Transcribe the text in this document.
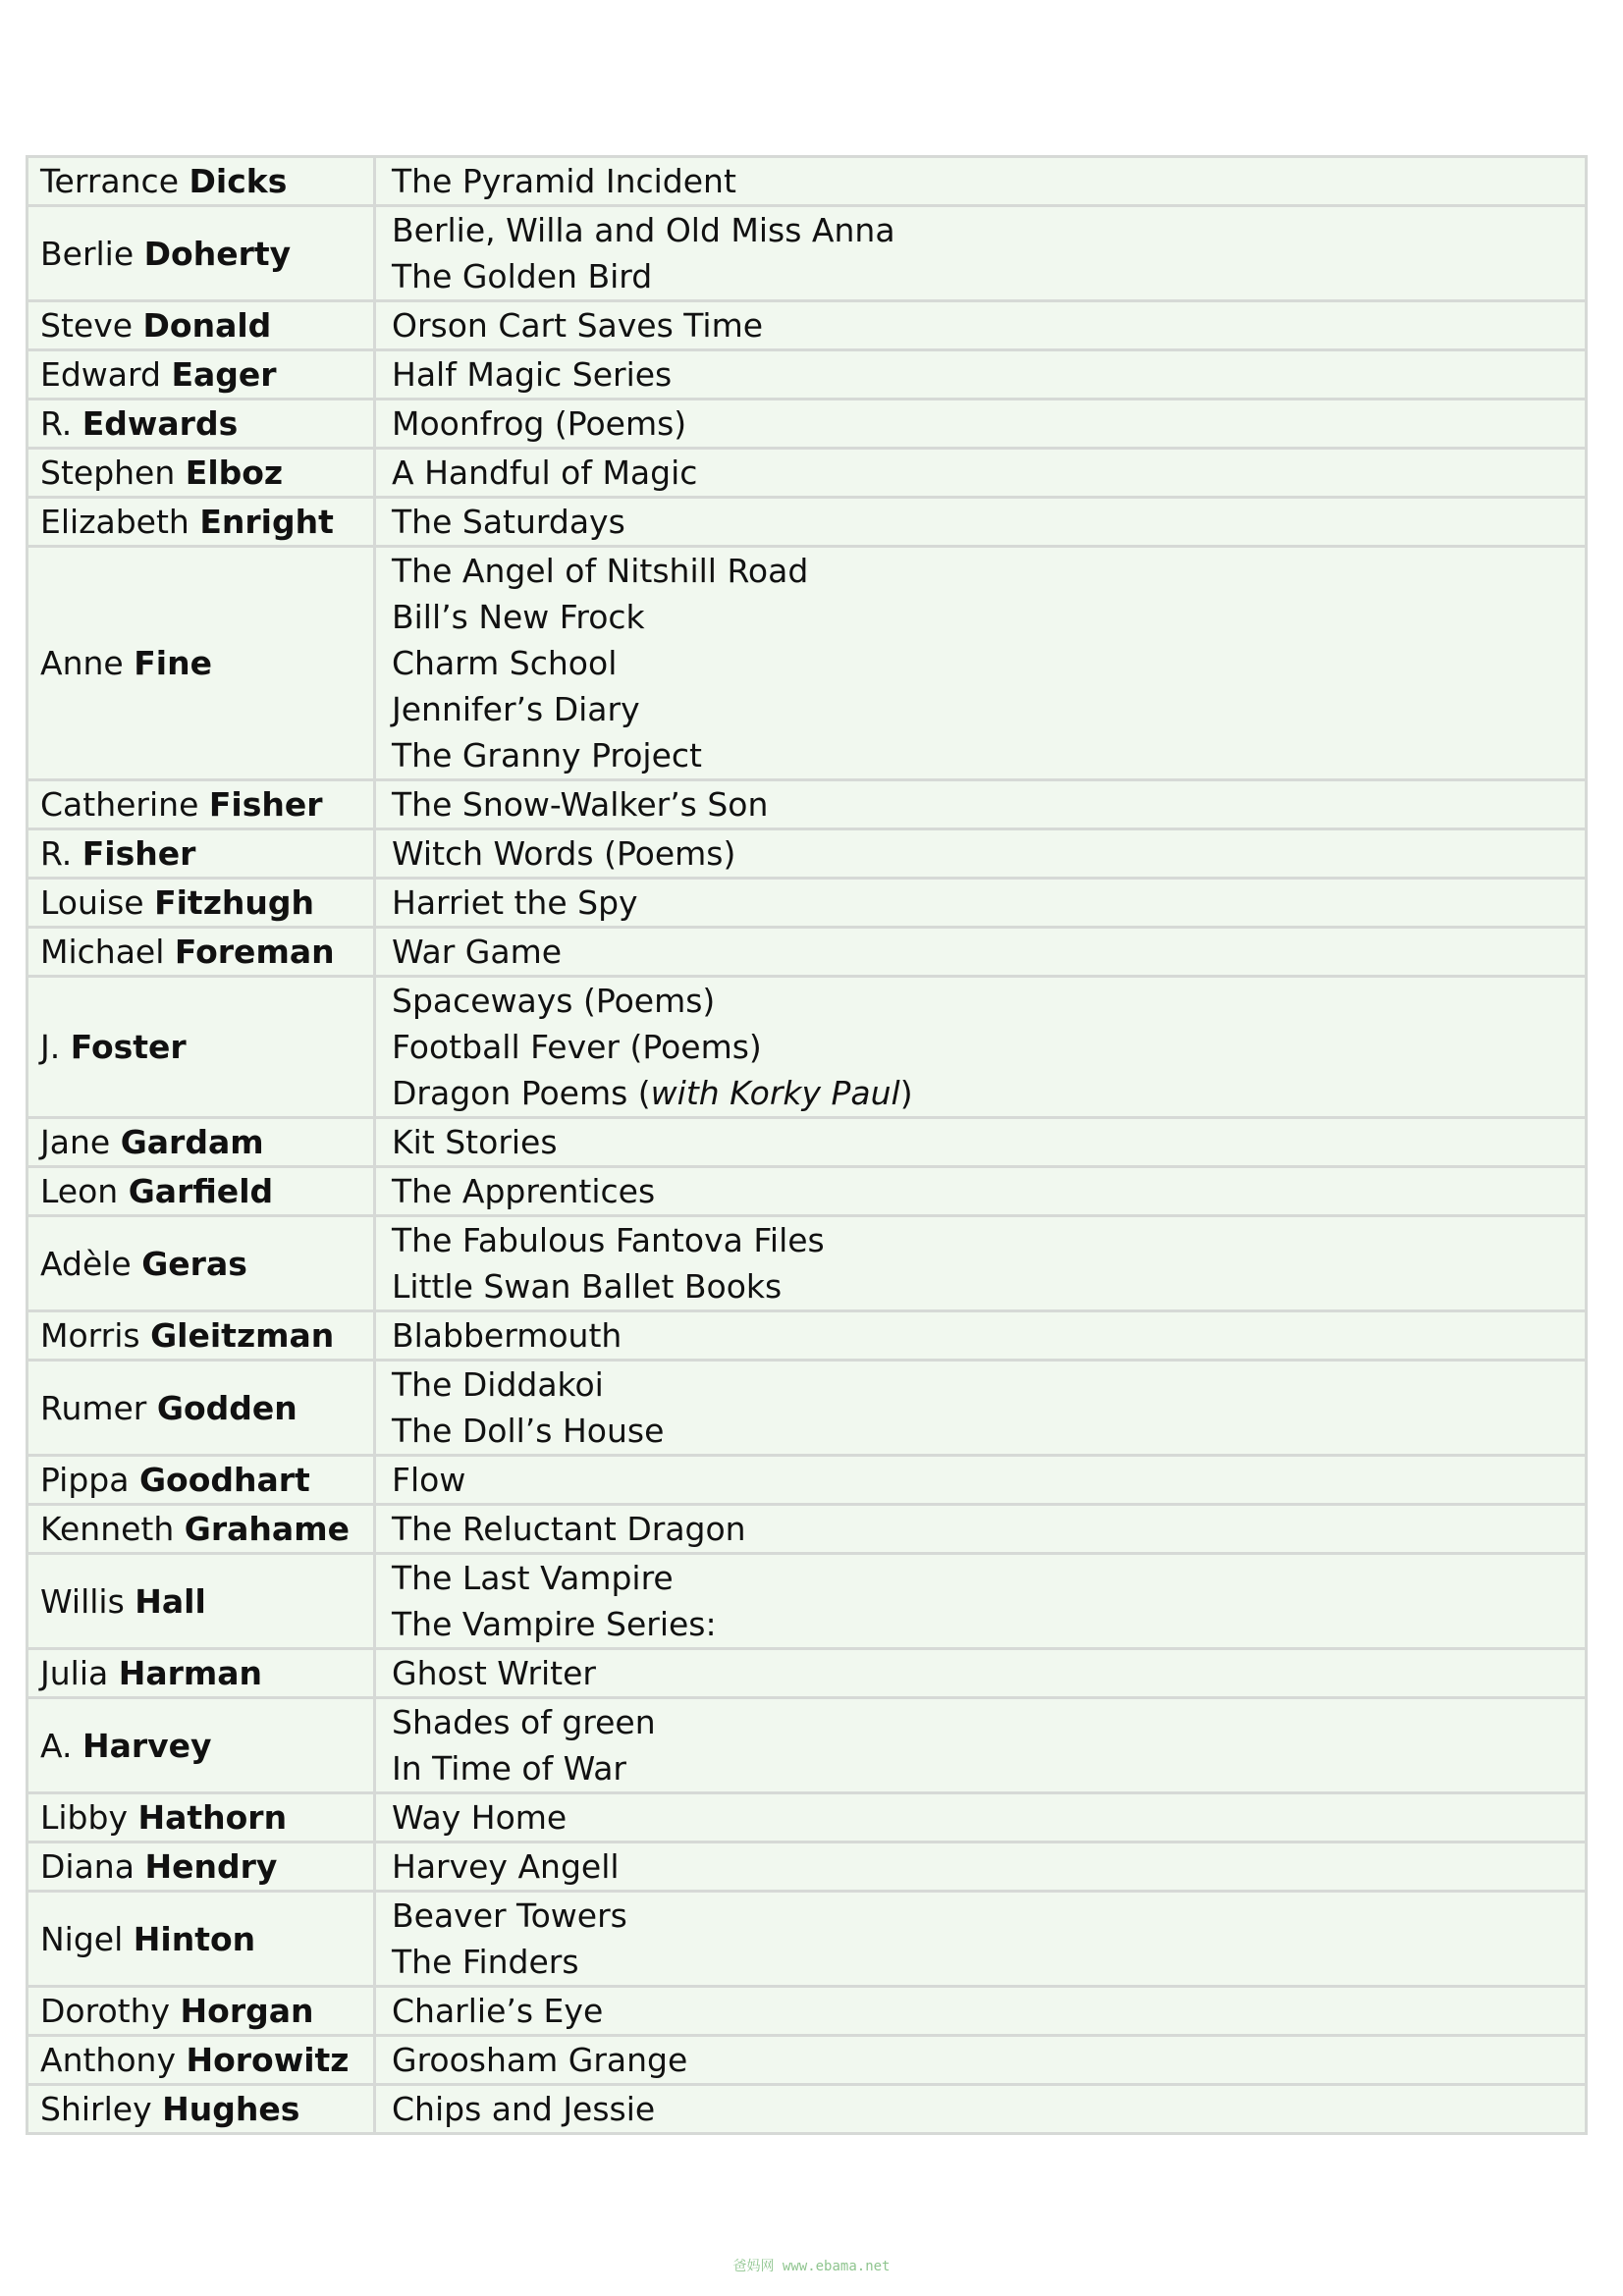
Terrance Dicks	The Pyramid Incident

Berlie Doherty	Berlie, Willa and Old Miss Anna
The Golden Bird

Steve Donald	Orson Cart Saves Time

Edward Eager	Half Magic Series

R. Edwards	Moonfrog (Poems)

Stephen Elboz	A Handful of Magic

Elizabeth Enright	The Saturdays

Anne Fine	The Angel of Nitshill Road
Bill’s New Frock
Charm School
Jennifer’s Diary
The Granny Project

Catherine Fisher	The Snow-Walker’s Son

R. Fisher	Witch Words (Poems)

Louise Fitzhugh	Harriet the Spy

Michael Foreman	War Game

J. Foster	Spaceways (Poems)
Football Fever (Poems)
Dragon Poems (with Korky Paul)

Jane Gardam	Kit Stories

Leon Garfield	The Apprentices

Adèle Geras	The Fabulous Fantova Files
Little Swan Ballet Books

Morris Gleitzman	Blabbermouth

Rumer Godden	The Diddakoi
The Doll’s House

Pippa Goodhart	Flow

Kenneth Grahame	The Reluctant Dragon

Willis Hall	The Last Vampire
The Vampire Series:

Julia Harman	Ghost Writer

A. Harvey	Shades of green
In Time of War

Libby Hathorn	Way Home

Diana Hendry	Harvey Angell

Nigel Hinton	Beaver Towers
The Finders

Dorothy Horgan	Charlie’s Eye

Anthony Horowitz	Groosham Grange

Shirley Hughes	Chips and Jessie
爸妈网 www.ebama.net
